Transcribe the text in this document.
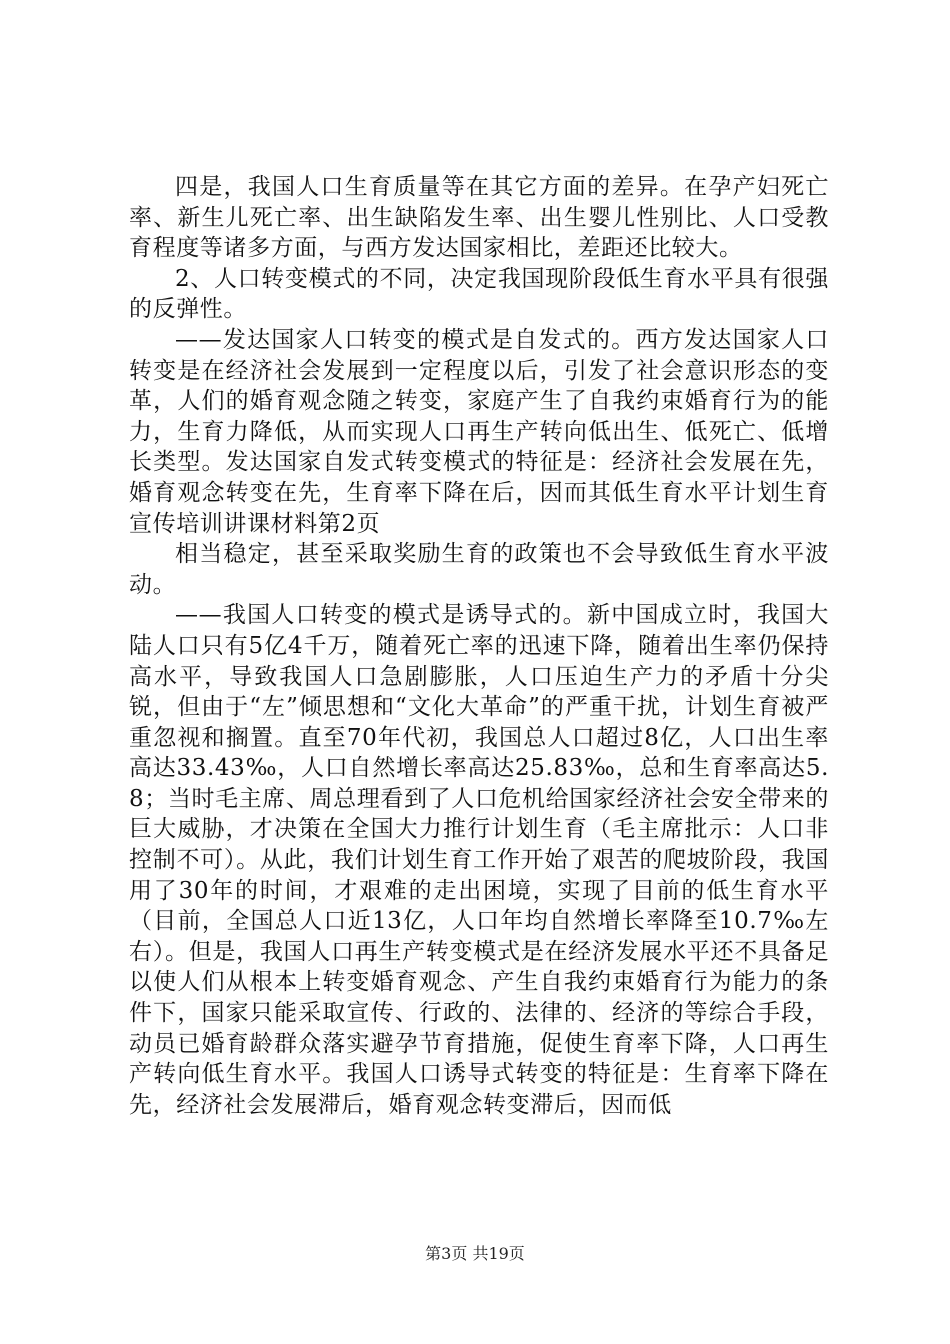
四是，我国人口生育质量等在其它方面的差异。在孕产妇死亡率、新生儿死亡率、出生缺陷发生率、出生婴儿性别比、人口受教育程度等诸多方面，与西方发达国家相比，差距还比较大。

2、人口转变模式的不同，决定我国现阶段低生育水平具有很强的反弹性。

——发达国家人口转变的模式是自发式的。西方发达国家人口转变是在经济社会发展到一定程度以后，引发了社会意识形态的变革，人们的婚育观念随之转变，家庭产生了自我约束婚育行为的能力，生育力降低，从而实现人口再生产转向低出生、低死亡、低增长类型。发达国家自发式转变模式的特征是：经济社会发展在先，婚育观念转变在先，生育率下降在后，因而其低生育水平计划生育宣传培训讲课材料第2页

相当稳定，甚至采取奖励生育的政策也不会导致低生育水平波动。

——我国人口转变的模式是诱导式的。新中国成立时，我国大陆人口只有5亿4千万，随着死亡率的迅速下降，随着出生率仍保持高水平，导致我国人口急剧膨胀，人口压迫生产力的矛盾十分尖锐，但由于“左”倾思想和“文化大革命”的严重干扰，计划生育被严重忽视和搁置。直至70年代初，我国总人口超过8亿，人口出生率高达33.43‰，人口自然增长率高达25.83‰，总和生育率高达5.8；当时毛主席、周总理看到了人口危机给国家经济社会安全带来的巨大威胁，才决策在全国大力推行计划生育（毛主席批示：人口非控制不可）。从此，我们计划生育工作开始了艰苦的爬坡阶段，我国用了30年的时间，才艰难的走出困境，实现了目前的低生育水平（目前，全国总人口近13亿，人口年均自然增长率降至10.7‰左右）。但是，我国人口再生产转变模式是在经济发展水平还不具备足以使人们从根本上转变婚育观念、产生自我约束婚育行为能力的条件下，国家只能采取宣传、行政的、法律的、经济的等综合手段，动员已婚育龄群众落实避孕节育措施，促使生育率下降，人口再生产转向低生育水平。我国人口诱导式转变的特征是：生育率下降在先，经济社会发展滞后，婚育观念转变滞后，因而低

第3页 共19页
